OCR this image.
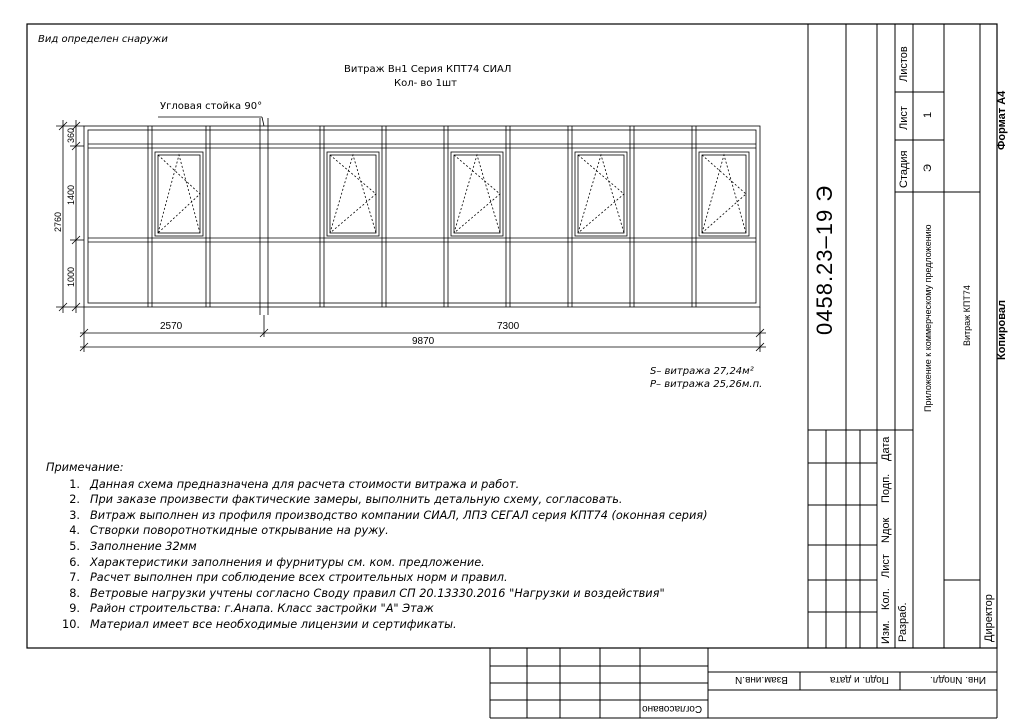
Вид определен снаружи
Витраж Вн1 Серия КПТ74 СИАЛ
Кол- во 1шт
Угловая стойка 90°
360
1400
1000
2760
2570	7300
9870
S– витража 27,24м²
P– витража 25,26м.п.
Примечание:
1. Данная схема предназначена для расчета стоимости витража и работ.
2. При заказе произвести фактические замеры, выполнить детальную схему, согласовать.
3. Витраж выполнен из профиля производство компании СИАЛ, ЛПЗ СЕГАЛ серия КПТ74 (оконная серия)
4. Створки поворотноткидные открывание на ружу.
5. Заполнение 32мм
6. Характеристики заполнения и фурнитуры см. ком. предложение.
7. Расчет выполнен при соблюдение всех строительных норм и правил.
8. Ветровые нагрузки учтены согласно Своду правил СП 20.13330.2016 "Нагрузки и воздействия"
9. Район строительства: г.Анапа. Класс застройки "А" Этаж
10. Материал имеет все необходимые лицензии и сертификаты.
0458.23–19 Э	Приложение к коммерческому предложению	Витраж КПТ74
Стадия Э
Лист 1
Листов
Формат А4
Копировал
Директор
Разраб.
Изм.
Кол.
Лист
Nдок
Подп.
Дата
Инв. Nподл.
Подп. и дата
Взам.инв.N
Согласовано
